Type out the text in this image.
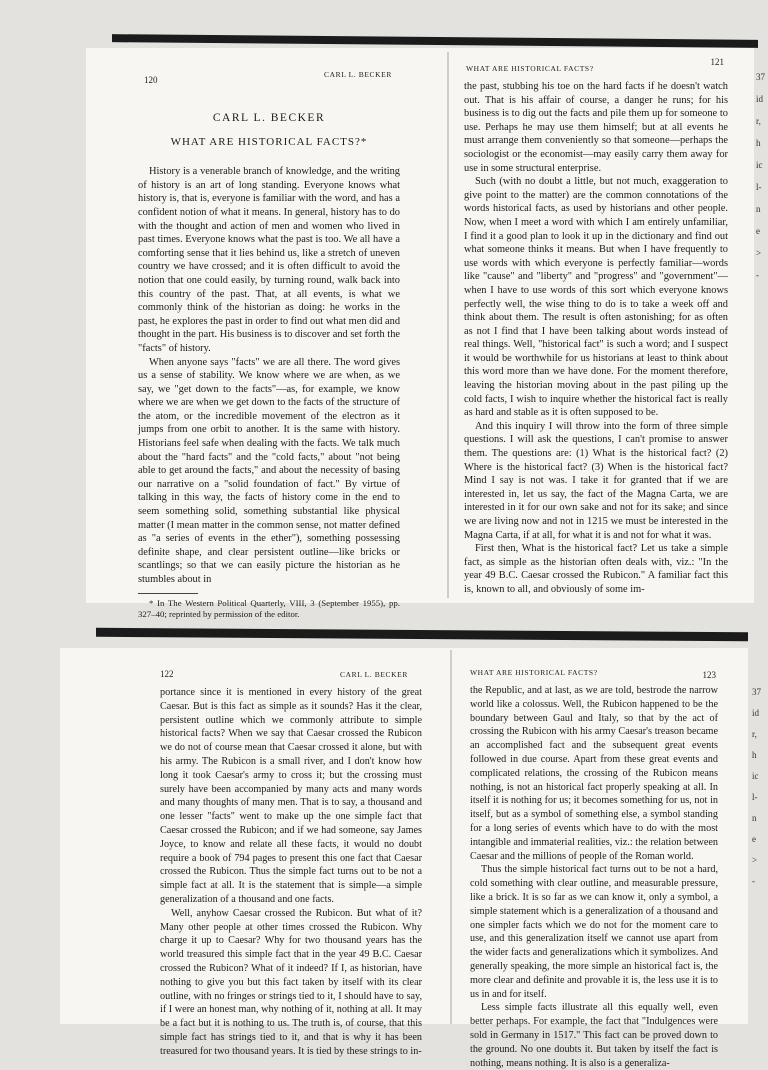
120
CARL L. BECKER
CARL L. BECKER
WHAT ARE HISTORICAL FACTS?*

History is a venerable branch of knowledge, and the writing of history is an art of long standing. Everyone knows what history is, that is, everyone is familiar with the word, and has a confident notion of what it means. In general, history has to do with the thought and action of men and women who lived in past times. Everyone knows what the past is too. We all have a comforting sense that it lies behind us, like a stretch of uneven country we have crossed; and it is often difficult to avoid the notion that one could easily, by turning round, walk back into this country of the past. That, at all events, is what we commonly think of the historian as doing: he works in the past, he explores the past in order to find out what men did and thought in the part. His business is to discover and set forth the "facts" of history.

When anyone says "facts" we are all there. The word gives us a sense of stability. We know where we are when, as we say, we "get down to the facts"—as, for example, we know where we are when we get down to the facts of the structure of the atom, or the incredible movement of the electron as it jumps from one orbit to another. It is the same with history. Historians feel safe when dealing with the facts. We talk much about the "hard facts" and the "cold facts," about "not being able to get around the facts," and about the necessity of basing our narrative on a "solid foundation of fact." By virtue of talking in this way, the facts of history come in the end to seem something solid, something substantial like physical matter (I mean matter in the common sense, not matter defined as "a series of events in the ether"), something possessing definite shape, and clear persistent outline—like bricks or scantlings; so that we can easily picture the historian as he stumbles about in

* In The Western Political Quarterly, VIII, 3 (September 1955), pp. 327–40; reprinted by permission of the editor.

WHAT ARE HISTORICAL FACTS?
121

the past, stubbing his toe on the hard facts if he doesn't watch out. That is his affair of course, a danger he runs; for his business is to dig out the facts and pile them up for someone to use. Perhaps he may use them himself; but at all events he must arrange them conveniently so that someone—perhaps the sociologist or the economist—may easily carry them away for use in some structural enterprise.

Such (with no doubt a little, but not much, exaggeration to give point to the matter) are the common connotations of the words historical facts, as used by historians and other people. Now, when I meet a word with which I am entirely unfamiliar, I find it a good plan to look it up in the dictionary and find out what someone thinks it means. But when I have frequently to use words with which everyone is perfectly familiar—words like "cause" and "liberty" and "progress" and "government"—when I have to use words of this sort which everyone knows perfectly well, the wise thing to do is to take a week off and think about them. The result is often astonishing; for as often as not I find that I have been talking about words instead of real things. Well, "historical fact" is such a word; and I suspect it would be worthwhile for us historians at least to think about this word more than we have done. For the moment therefore, leaving the historian moving about in the past piling up the cold facts, I wish to inquire whether the historical fact is really as hard and stable as it is often supposed to be.

And this inquiry I will throw into the form of three simple questions. I will ask the questions, I can't promise to answer them. The questions are: (1) What is the historical fact? (2) Where is the historical fact? (3) When is the historical fact? Mind I say is not was. I take it for granted that if we are interested in, let us say, the fact of the Magna Carta, we are interested in it for our own sake and not for its sake; and since we are living now and not in 1215 we must be interested in the Magna Carta, if at all, for what it is and not for what it was.

First then, What is the historical fact? Let us take a simple fact, as simple as the historian often deals with, viz.: "In the year 49 B.C. Caesar crossed the Rubicon." A familiar fact this is, known to all, and obviously of some im-

37
id
r,
h
ic
l-
n
e
>
-
122	CARL L. BECKER

portance since it is mentioned in every history of the great Caesar. But is this fact as simple as it sounds? Has it the clear, persistent outline which we commonly attribute to simple historical facts? When we say that Caesar crossed the Rubicon we do not of course mean that Caesar crossed it alone, but with his army. The Rubicon is a small river, and I don't know how long it took Caesar's army to cross it; but the crossing must surely have been accompanied by many acts and many words and many thoughts of many men. That is to say, a thousand and one lesser "facts" went to make up the one simple fact that Caesar crossed the Rubicon; and if we had someone, say James Joyce, to know and relate all these facts, it would no doubt require a book of 794 pages to present this one fact that Caesar crossed the Rubicon. Thus the simple fact turns out to be not a simple fact at all. It is the statement that is simple—a simple generalization of a thousand and one facts.

Well, anyhow Caesar crossed the Rubicon. But what of it? Many other people at other times crossed the Rubicon. Why charge it up to Caesar? Why for two thousand years has the world treasured this simple fact that in the year 49 B.C. Caesar crossed the Rubicon? What of it indeed? If I, as historian, have nothing to give you but this fact taken by itself with its clear outline, with no fringes or strings tied to it, I should have to say, if I were an honest man, why nothing of it, nothing at all. It may be a fact but it is nothing to us. The truth is, of course, that this simple fact has strings tied to it, and that is why it has been treasured for two thousand years. It is tied by these strings to in-

WHAT ARE HISTORICAL FACTS?	123

the Republic, and at last, as we are told, bestrode the narrow world like a colossus. Well, the Rubicon happened to be the boundary between Gaul and Italy, so that by the act of crossing the Rubicon with his army Caesar's treason became an accomplished fact and the subsequent great events followed in due course. Apart from these great events and complicated relations, the crossing of the Rubicon means nothing, is not an historical fact properly speaking at all. In itself it is nothing for us; it becomes something for us, not in itself, but as a symbol of something else, a symbol standing for a long series of events which have to do with the most intangible and immaterial realities, viz.: the relation between Caesar and the millions of people of the Roman world.

Thus the simple historical fact turns out to be not a hard, cold something with clear outline, and measurable pressure, like a brick. It is so far as we can know it, only a symbol, a simple statement which is a generalization of a thousand and one simpler facts which we do not for the moment care to use, and this generalization itself we cannot use apart from the wider facts and generalizations which it symbolizes. And generally speaking, the more simple an historical fact is, the more clear and definite and provable it is, the less use it is to us in and for itself.

Less simple facts illustrate all this equally well, even better perhaps. For example, the fact that "Indulgences were sold in Germany in 1517." This fact can be proved down to the ground. No one doubts it. But taken by itself the fact is nothing, means nothing. It is also is a generaliza-

37
id
r,
h
ic
l-
n
e
>
-
